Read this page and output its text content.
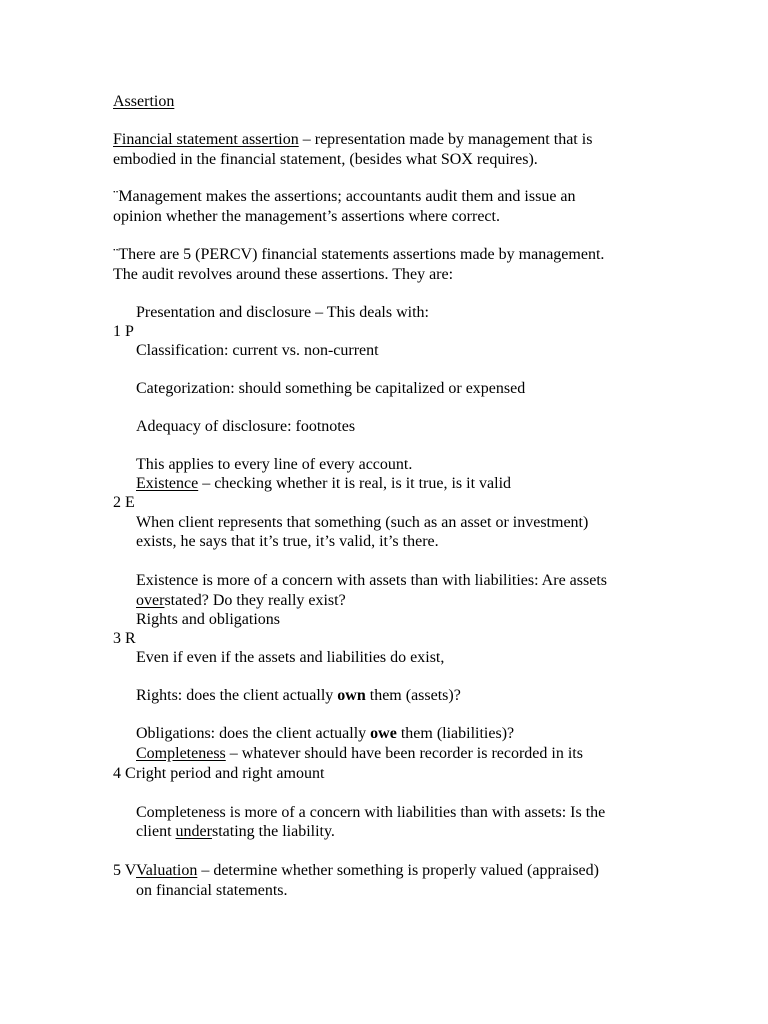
Assertion
Financial statement assertion – representation made by management that is
embodied in the financial statement, (besides what SOX requires).
¨Management makes the assertions; accountants audit them and issue an
opinion whether the management’s assertions where correct.
¨There are 5 (PERCV) financial statements assertions made by management.
The audit revolves around these assertions. They are:
Presentation and disclosure – This deals with:
1 P
Classification: current vs. non-current
Categorization: should something be capitalized or expensed
Adequacy of disclosure: footnotes
This applies to every line of every account.
Existence – checking whether it is real, is it true, is it valid
2 E
When client represents that something (such as an asset or investment)
exists, he says that it’s true, it’s valid, it’s there.
Existence is more of a concern with assets than with liabilities: Are assets
overstated? Do they really exist?
Rights and obligations
3 R
Even if even if the assets and liabilities do exist,
Rights: does the client actually own them (assets)?
Obligations: does the client actually owe them (liabilities)?
Completeness – whatever should have been recorder is recorded in its
4 C right period and right amount
Completeness is more of a concern with liabilities than with assets: Is the
client understating the liability.
5 V Valuation – determine whether something is properly valued (appraised)
on financial statements.
